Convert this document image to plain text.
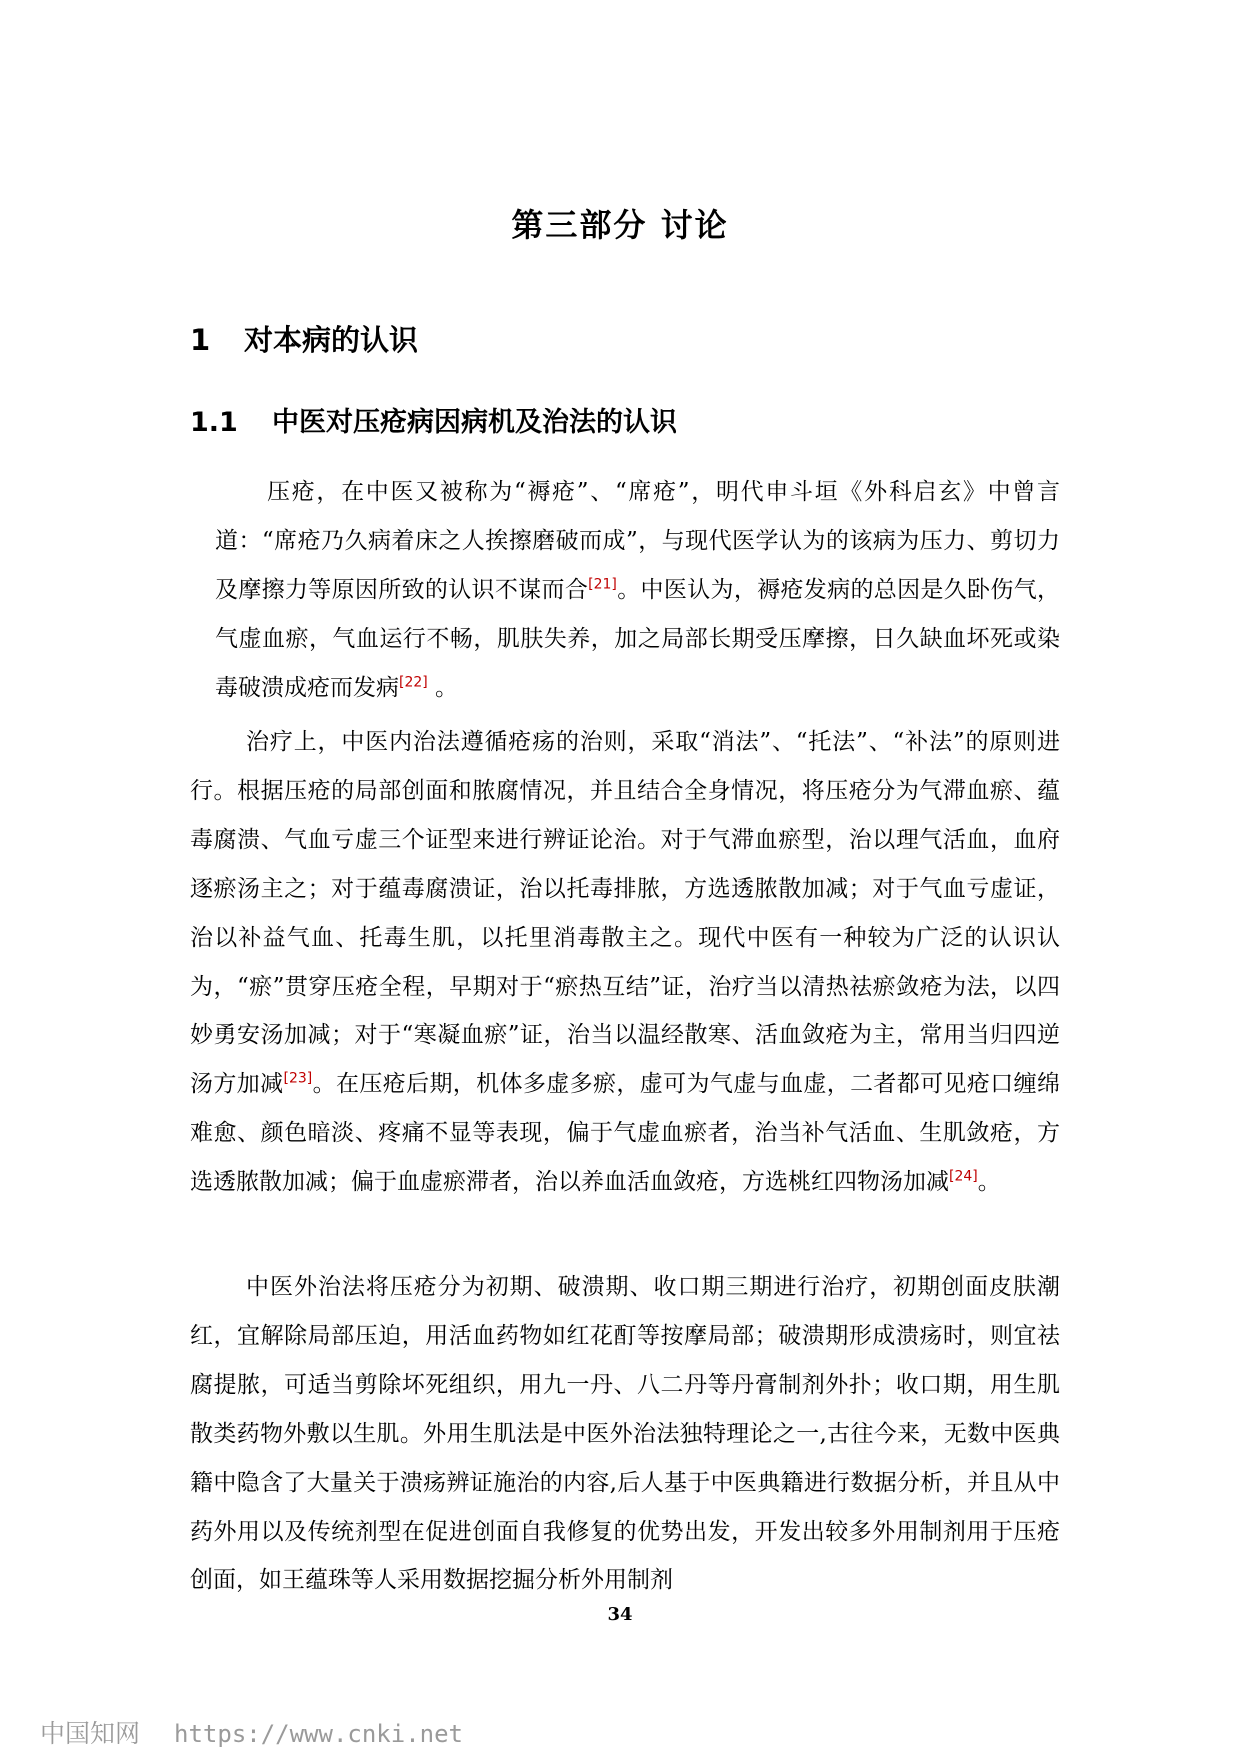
第三部分 讨论
1 对本病的认识
1.1 中医对压疮病因病机及治法的认识

压疮，在中医又被称为“褥疮”、“席疮”，明代申斗垣《外科启玄》中曾言道：“席疮乃久病着床之人挨擦磨破而成”，与现代医学认为的该病为压力、剪切力及摩擦力等原因所致的认识不谋而合[21]。中医认为，褥疮发病的总因是久卧伤气，气虚血瘀，气血运行不畅，肌肤失养，加之局部长期受压摩擦，日久缺血坏死或染毒破溃成疮而发病[22] 。

治疗上，中医内治法遵循疮疡的治则，采取“消法”、“托法”、“补法”的原则进行。根据压疮的局部创面和脓腐情况，并且结合全身情况，将压疮分为气滞血瘀、蕴毒腐溃、气血亏虚三个证型来进行辨证论治。对于气滞血瘀型，治以理气活血，血府逐瘀汤主之；对于蕴毒腐溃证，治以托毒排脓，方选透脓散加减；对于气血亏虚证，治以补益气血、托毒生肌，以托里消毒散主之。现代中医有一种较为广泛的认识认为，“瘀”贯穿压疮全程，早期对于“瘀热互结”证，治疗当以清热祛瘀敛疮为法，以四妙勇安汤加减；对于“寒凝血瘀”证，治当以温经散寒、活血敛疮为主，常用当归四逆汤方加减[23]。在压疮后期，机体多虚多瘀，虚可为气虚与血虚，二者都可见疮口缠绵难愈、颜色暗淡、疼痛不显等表现，偏于气虚血瘀者，治当补气活血、生肌敛疮，方选透脓散加减；偏于血虚瘀滞者，治以养血活血敛疮，方选桃红四物汤加减[24]。

中医外治法将压疮分为初期、破溃期、收口期三期进行治疗，初期创面皮肤潮红，宜解除局部压迫，用活血药物如红花酊等按摩局部；破溃期形成溃疡时，则宜祛腐提脓，可适当剪除坏死组织，用九一丹、八二丹等丹膏制剂外扑；收口期，用生肌散类药物外敷以生肌。外用生肌法是中医外治法独特理论之一,古往今来，无数中医典籍中隐含了大量关于溃疡辨证施治的内容,后人基于中医典籍进行数据分析，并且从中药外用以及传统剂型在促进创面自我修复的优势出发，开发出较多外用制剂用于压疮创面，如王蕴珠等人采用数据挖掘分析外用制剂

34
中国知网 https://www.cnki.net
